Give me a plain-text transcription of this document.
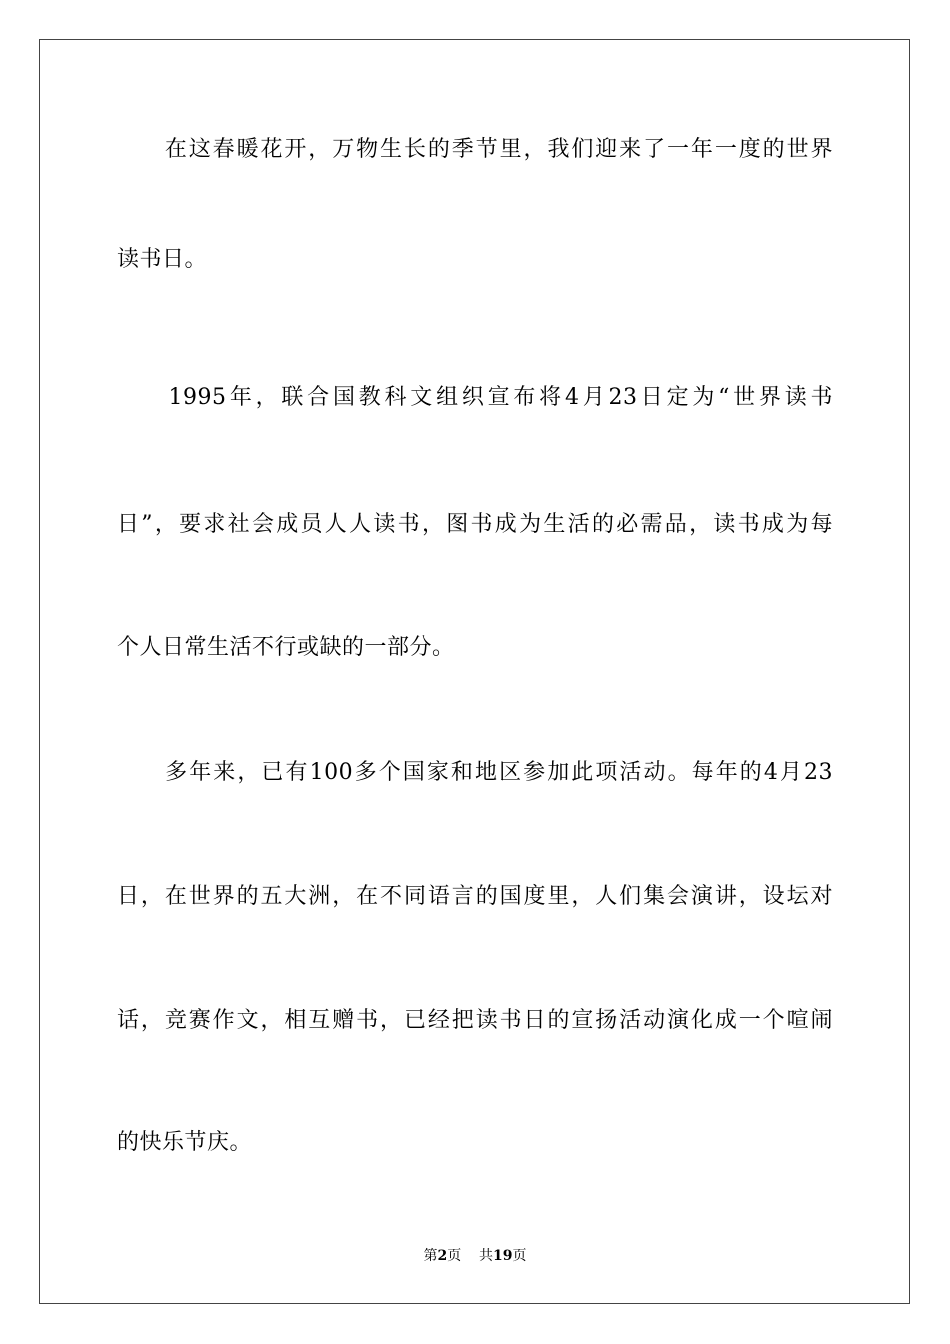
　　在这春暖花开，万物生长的季节里，我们迎来了一年一度的世界
读书日。
　　1995年，联合国教科文组织宣布将4月23日定为“世界读书
日”，要求社会成员人人读书，图书成为生活的必需品，读书成为每
个人日常生活不行或缺的一部分。
　　多年来，已有100多个国家和地区参加此项活动。每年的4月23
日，在世界的五大洲，在不同语言的国度里，人们集会演讲，设坛对
话，竞赛作文，相互赠书，已经把读书日的宣扬活动演化成一个喧闹
的快乐节庆。
第2页 共19页
